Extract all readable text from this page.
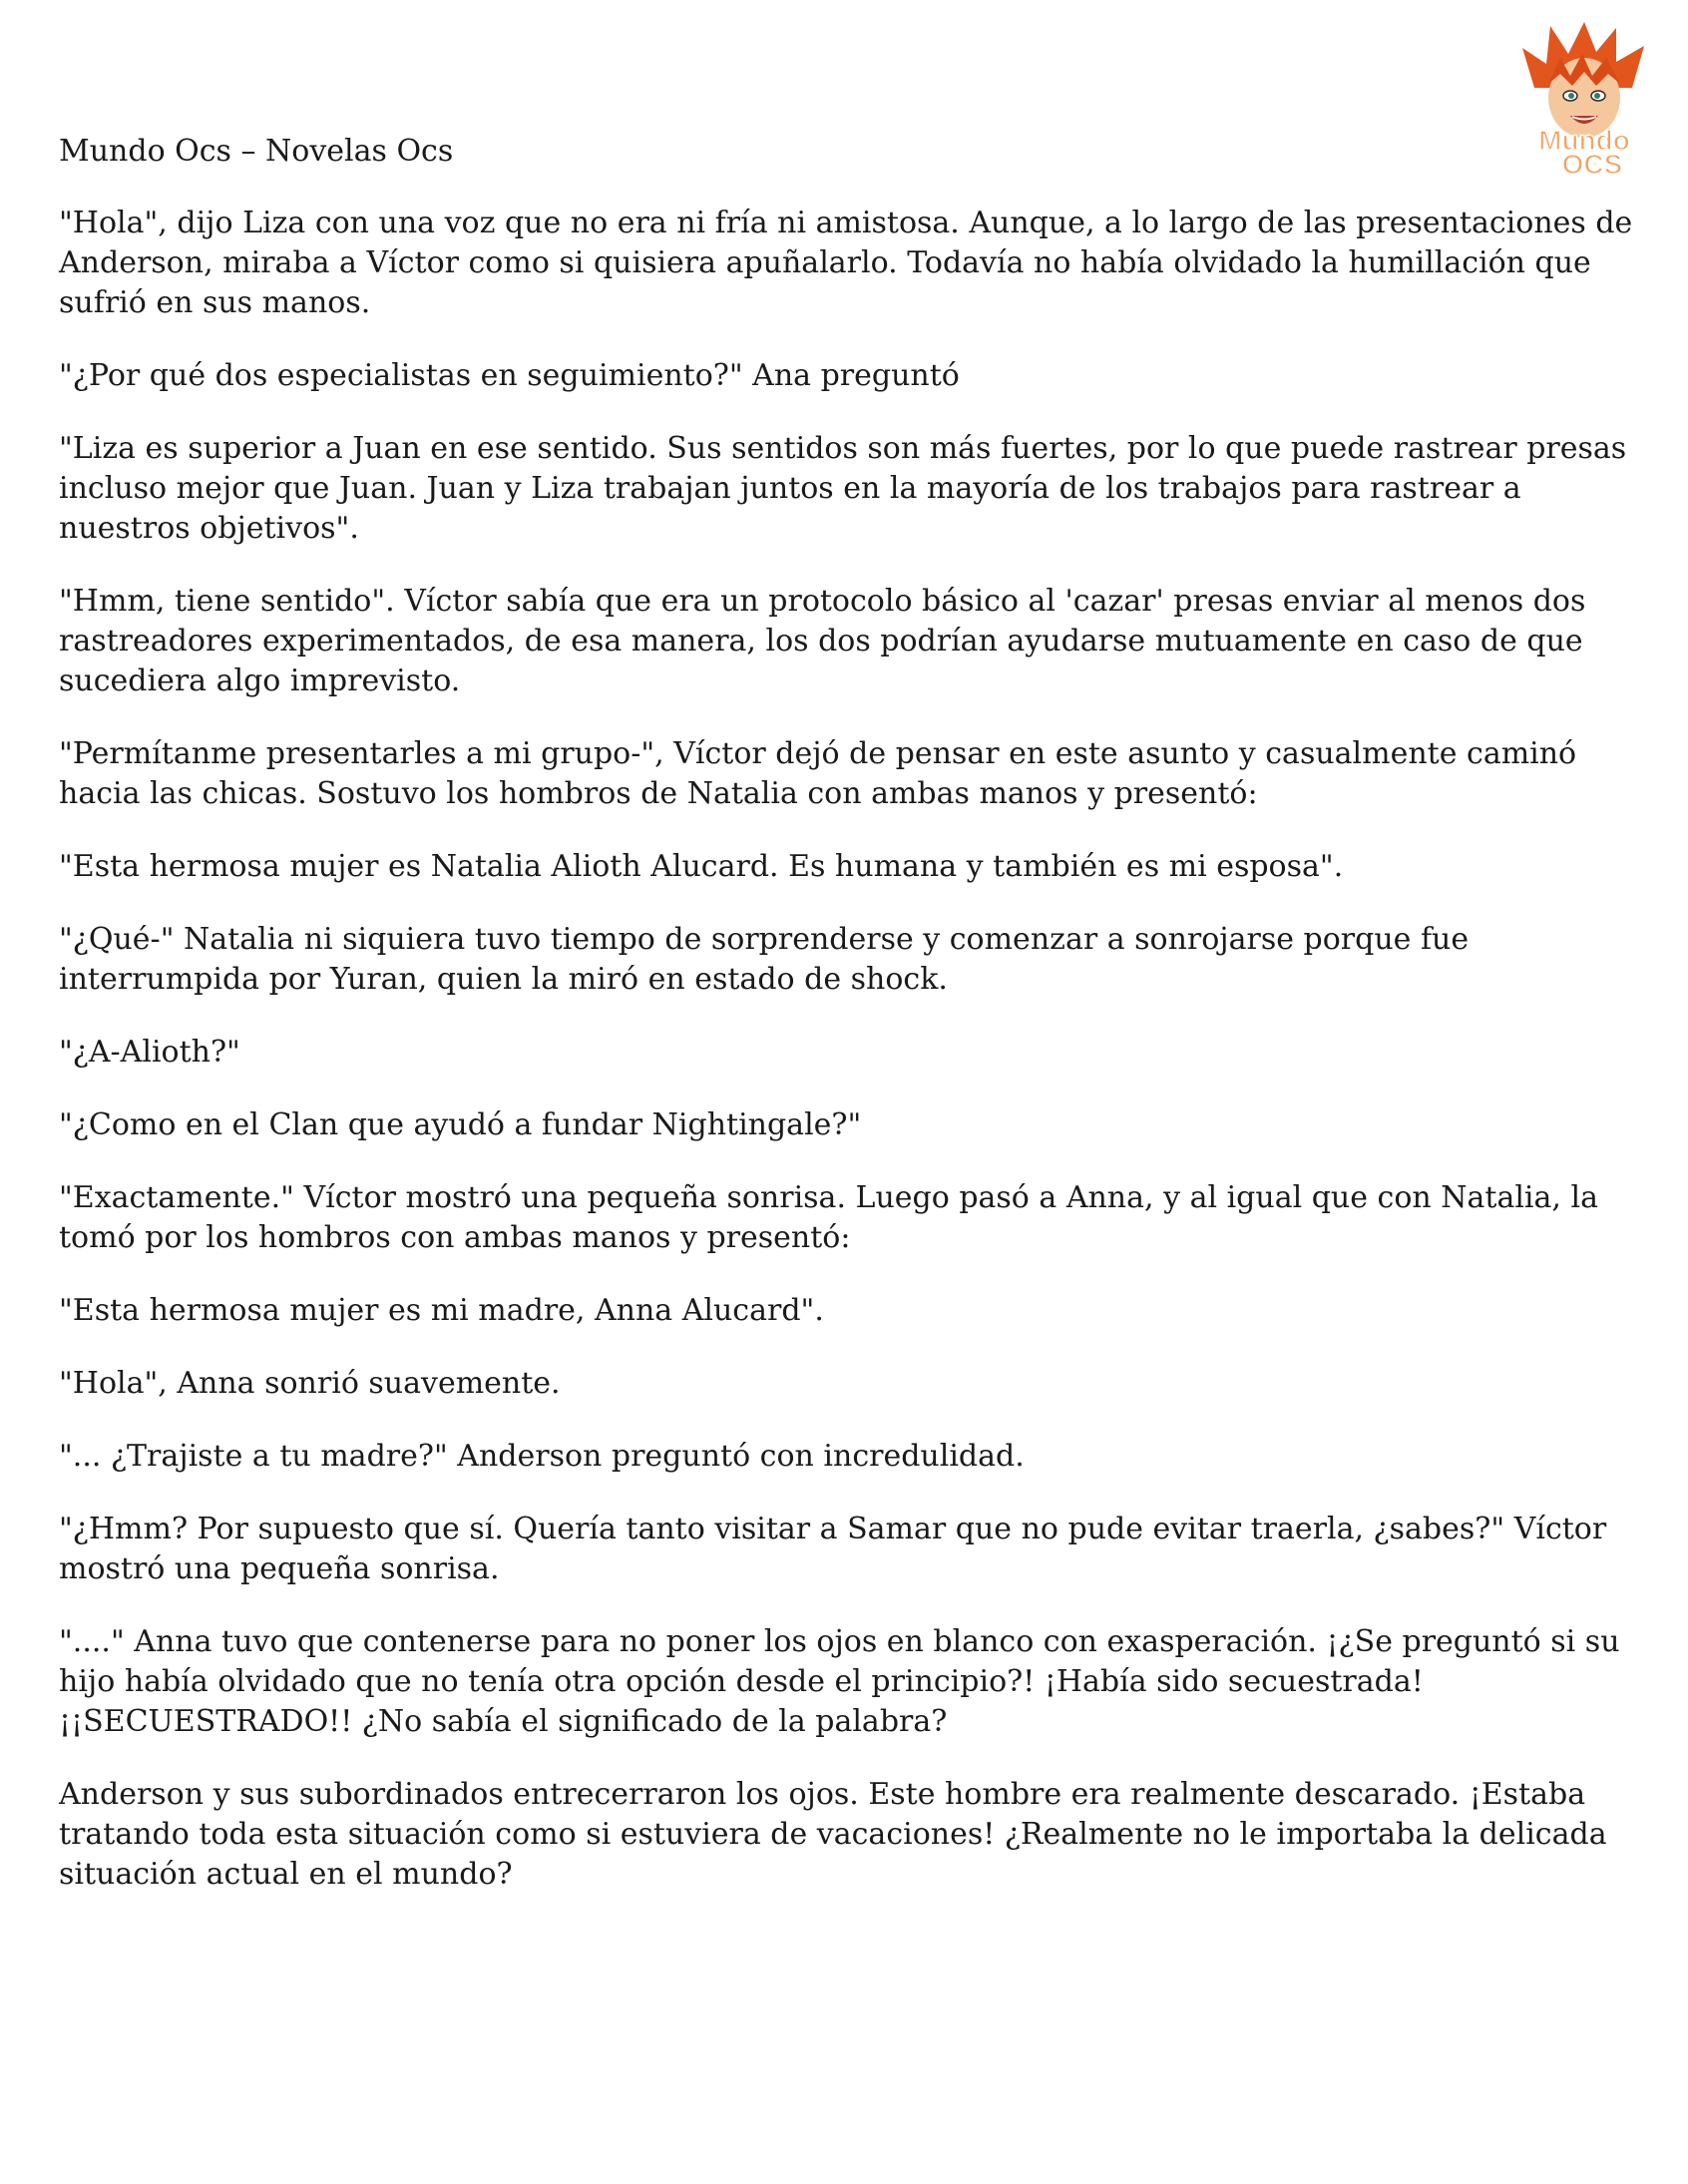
Mundo
OCS
Mundo Ocs – Novelas Ocs

"Hola", dijo Liza con una voz que no era ni fría ni amistosa. Aunque, a lo largo de las presentaciones de Anderson, miraba a Víctor como si quisiera apuñalarlo. Todavía no había olvidado la humillación que sufrió en sus manos.

"¿Por qué dos especialistas en seguimiento?" Ana preguntó

"Liza es superior a Juan en ese sentido. Sus sentidos son más fuertes, por lo que puede rastrear presas incluso mejor que Juan. Juan y Liza trabajan juntos en la mayoría de los trabajos para rastrear a nuestros objetivos".

"Hmm, tiene sentido". Víctor sabía que era un protocolo básico al 'cazar' presas enviar al menos dos rastreadores experimentados, de esa manera, los dos podrían ayudarse mutuamente en caso de que sucediera algo imprevisto.

"Permítanme presentarles a mi grupo-", Víctor dejó de pensar en este asunto y casualmente caminó hacia las chicas. Sostuvo los hombros de Natalia con ambas manos y presentó:

"Esta hermosa mujer es Natalia Alioth Alucard. Es humana y también es mi esposa".

"¿Qué-" Natalia ni siquiera tuvo tiempo de sorprenderse y comenzar a sonrojarse porque fue interrumpida por Yuran, quien la miró en estado de shock.

"¿A-Alioth?"

"¿Como en el Clan que ayudó a fundar Nightingale?"

"Exactamente." Víctor mostró una pequeña sonrisa. Luego pasó a Anna, y al igual que con Natalia, la tomó por los hombros con ambas manos y presentó:

"Esta hermosa mujer es mi madre, Anna Alucard".

"Hola", Anna sonrió suavemente.

"... ¿Trajiste a tu madre?" Anderson preguntó con incredulidad.

"¿Hmm? Por supuesto que sí. Quería tanto visitar a Samar que no pude evitar traerla, ¿sabes?" Víctor mostró una pequeña sonrisa.

"...." Anna tuvo que contenerse para no poner los ojos en blanco con exasperación. ¡¿Se preguntó si su hijo había olvidado que no tenía otra opción desde el principio?! ¡Había sido secuestrada! ¡¡SECUESTRADO!! ¿No sabía el significado de la palabra?

Anderson y sus subordinados entrecerraron los ojos. Este hombre era realmente descarado. ¡Estaba tratando toda esta situación como si estuviera de vacaciones! ¿Realmente no le importaba la delicada situación actual en el mundo?
